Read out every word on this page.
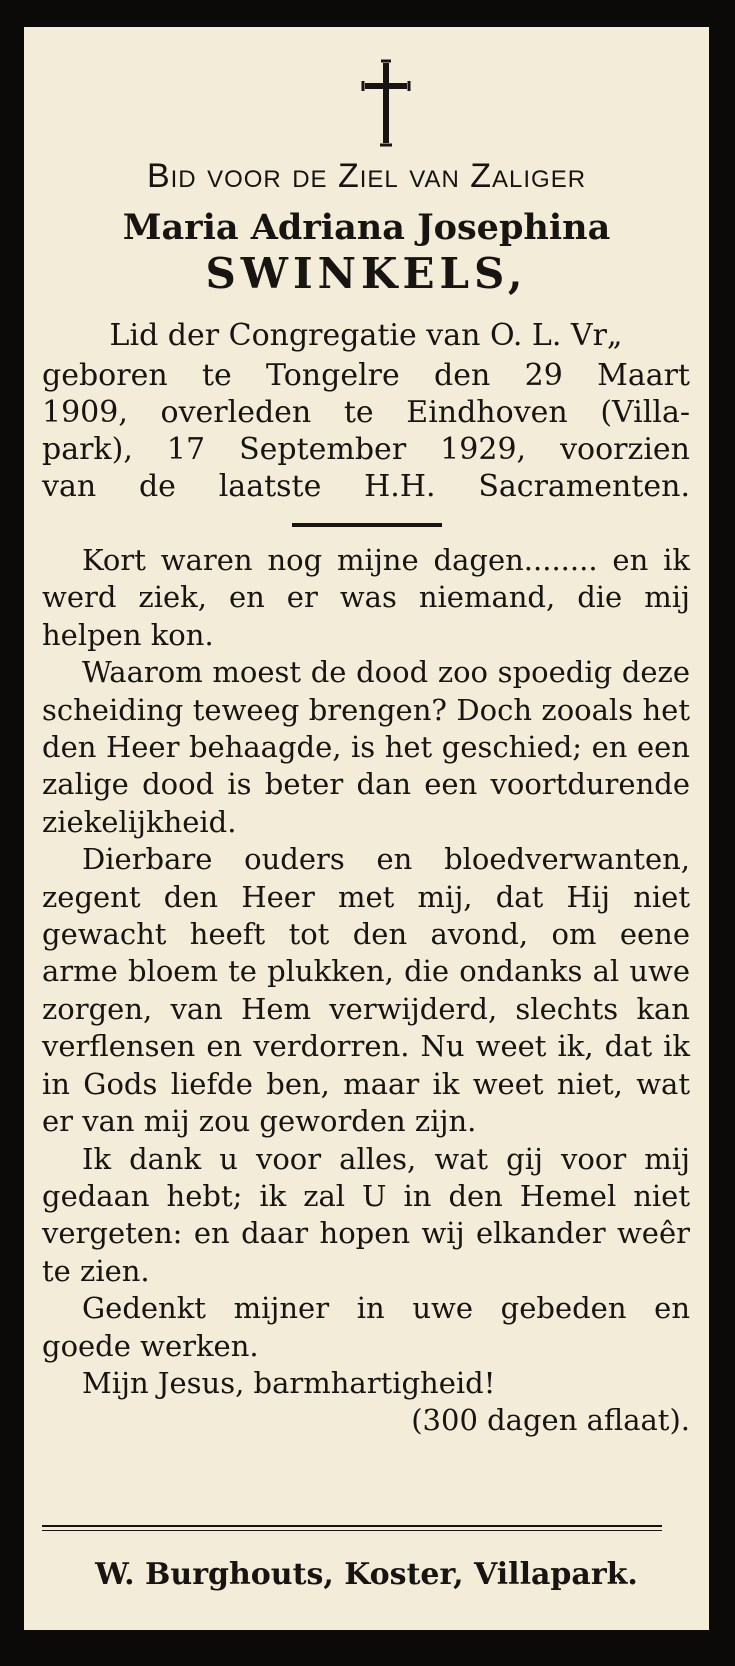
Bid voor de Ziel van Zaliger
Maria Adriana Josephina
SWINKELS,
Lid der Congregatie van O. L. Vr„
geboren te Tongelre den 29 Maart
1909, overleden te Eindhoven (Villa-
park), 17 September 1929, voorzien
van de laatste H.H. Sacramenten.

Kort waren nog mijne dagen........ en ik werd ziek, en er was niemand, die mij helpen kon.

Waarom moest de dood zoo spoedig deze scheiding teweeg brengen? Doch zooals het den Heer behaagde, is het geschied; en een zalige dood is beter dan een voortdurende ziekelijkheid.

Dierbare ouders en bloedverwanten, zegent den Heer met mij, dat Hij niet gewacht heeft tot den avond, om eene arme bloem te plukken, die ondanks al uwe zorgen, van Hem verwijderd, slechts kan verflensen en verdorren. Nu weet ik, dat ik in Gods liefde ben, maar ik weet niet, wat er van mij zou geworden zijn.

Ik dank u voor alles, wat gij voor mij gedaan hebt; ik zal U in den Hemel niet vergeten: en daar hopen wij elkander weêr te zien.

Gedenkt mijner in uwe gebeden en goede werken.

Mijn Jesus, barmhartigheid!

(300 dagen aflaat).

W. Burghouts, Koster, Villapark.
